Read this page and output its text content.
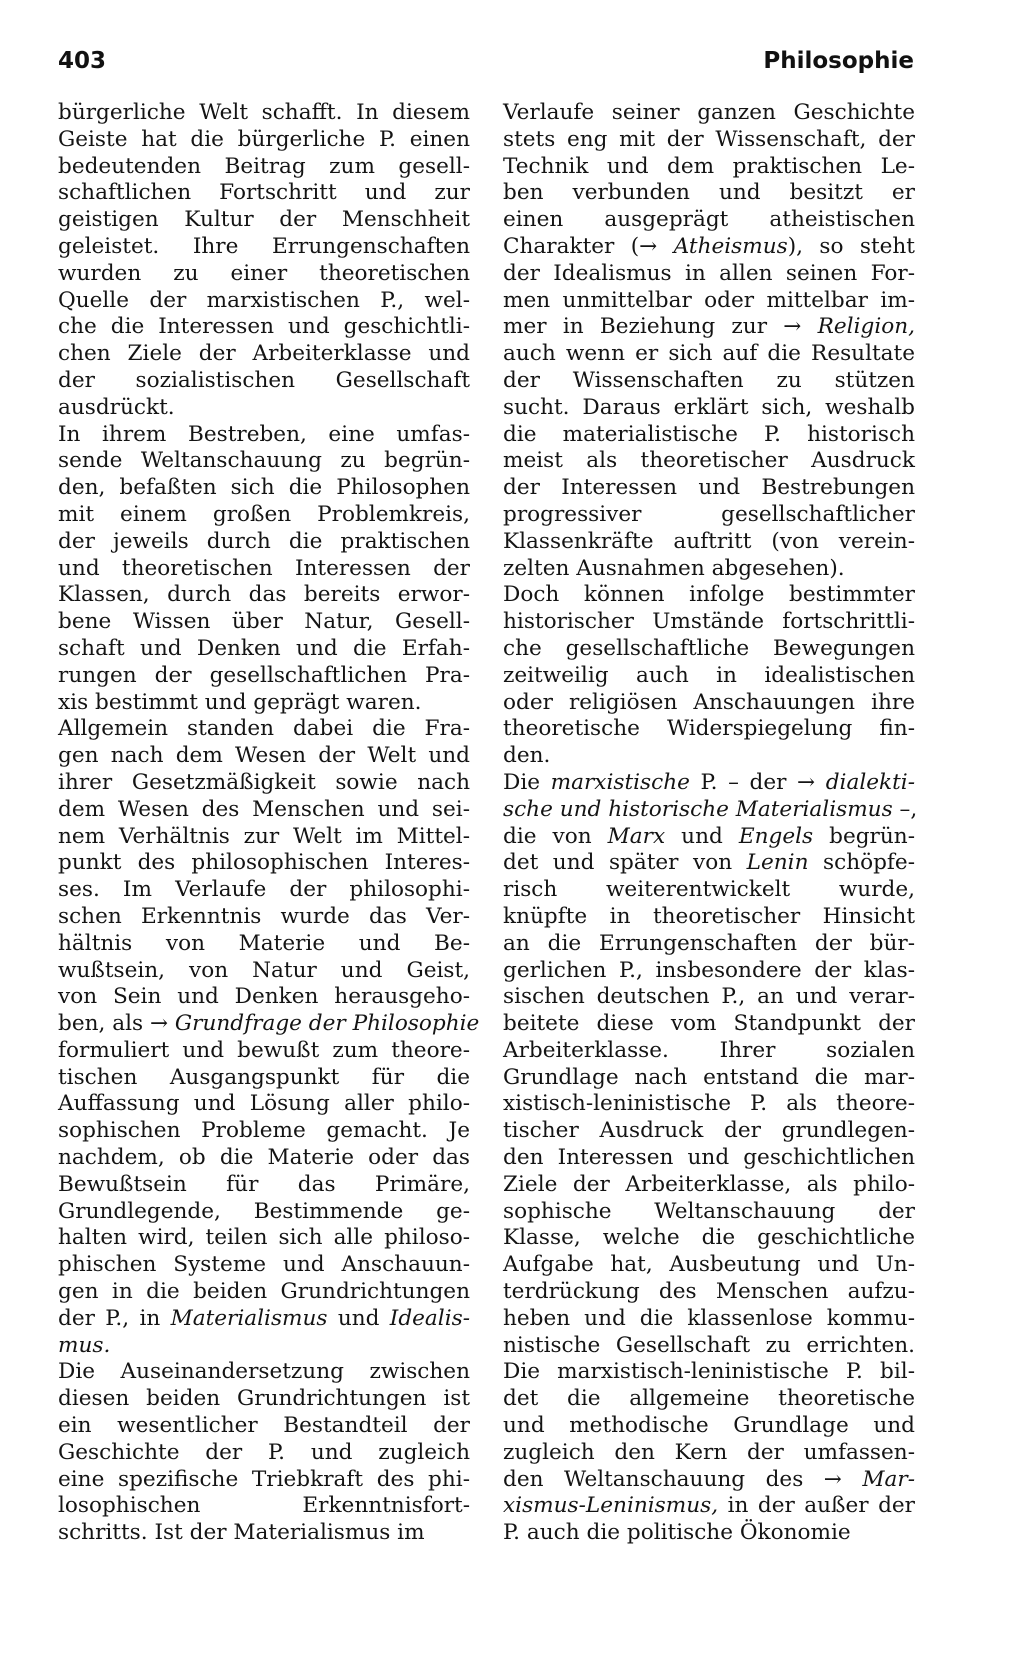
403	Philosophie
bürgerliche Welt schafft. In diesem
Geiste hat die bürgerliche P. einen
bedeutenden Beitrag zum gesell-
schaftlichen Fortschritt und zur
geistigen Kultur der Menschheit
geleistet. Ihre Errungenschaften
wurden zu einer theoretischen
Quelle der marxistischen P., wel-
che die Interessen und geschichtli-
chen Ziele der Arbeiterklasse und
der sozialistischen Gesellschaft
ausdrückt.
In ihrem Bestreben, eine umfas-
sende Weltanschauung zu begrün-
den, befaßten sich die Philosophen
mit einem großen Problemkreis,
der jeweils durch die praktischen
und theoretischen Interessen der
Klassen, durch das bereits erwor-
bene Wissen über Natur, Gesell-
schaft und Denken und die Erfah-
rungen der gesellschaftlichen Pra-
xis bestimmt und geprägt waren.
Allgemein standen dabei die Fra-
gen nach dem Wesen der Welt und
ihrer Gesetzmäßigkeit sowie nach
dem Wesen des Menschen und sei-
nem Verhältnis zur Welt im Mittel-
punkt des philosophischen Interes-
ses. Im Verlaufe der philosophi-
schen Erkenntnis wurde das Ver-
hältnis von Materie und Be-
wußtsein, von Natur und Geist,
von Sein und Denken herausgeho-
ben, als → Grundfrage der Philosophie
formuliert und bewußt zum theore-
tischen Ausgangspunkt für die
Auffassung und Lösung aller philo-
sophischen Probleme gemacht. Je
nachdem, ob die Materie oder das
Bewußtsein für das Primäre,
Grundlegende, Bestimmende ge-
halten wird, teilen sich alle philoso-
phischen Systeme und Anschauun-
gen in die beiden Grundrichtungen
der P., in Materialismus und Idealis-
mus.
Die Auseinandersetzung zwischen
diesen beiden Grundrichtungen ist
ein wesentlicher Bestandteil der
Geschichte der P. und zugleich
eine spezifische Triebkraft des phi-
losophischen Erkenntnisfort-
schritts. Ist der Materialismus im
Verlaufe seiner ganzen Geschichte
stets eng mit der Wissenschaft, der
Technik und dem praktischen Le-
ben verbunden und besitzt er
einen ausgeprägt atheistischen
Charakter (→ Atheismus), so steht
der Idealismus in allen seinen For-
men unmittelbar oder mittelbar im-
mer in Beziehung zur → Religion,
auch wenn er sich auf die Resultate
der Wissenschaften zu stützen
sucht. Daraus erklärt sich, weshalb
die materialistische P. historisch
meist als theoretischer Ausdruck
der Interessen und Bestrebungen
progressiver gesellschaftlicher
Klassenkräfte auftritt (von verein-
zelten Ausnahmen abgesehen).
Doch können infolge bestimmter
historischer Umstände fortschrittli-
che gesellschaftliche Bewegungen
zeitweilig auch in idealistischen
oder religiösen Anschauungen ihre
theoretische Widerspiegelung fin-
den.
Die marxistische P. – der → dialekti-
sche und historische Materialismus –,
die von Marx und Engels begrün-
det und später von Lenin schöpfe-
risch weiterentwickelt wurde,
knüpfte in theoretischer Hinsicht
an die Errungenschaften der bür-
gerlichen P., insbesondere der klas-
sischen deutschen P., an und verar-
beitete diese vom Standpunkt der
Arbeiterklasse. Ihrer sozialen
Grundlage nach entstand die mar-
xistisch-leninistische P. als theore-
tischer Ausdruck der grundlegen-
den Interessen und geschichtlichen
Ziele der Arbeiterklasse, als philo-
sophische Weltanschauung der
Klasse, welche die geschichtliche
Aufgabe hat, Ausbeutung und Un-
terdrückung des Menschen aufzu-
heben und die klassenlose kommu-
nistische Gesellschaft zu errichten.
Die marxistisch-leninistische P. bil-
det die allgemeine theoretische
und methodische Grundlage und
zugleich den Kern der umfassen-
den Weltanschauung des → Mar-
xismus-Leninismus, in der außer der
P. auch die politische Ökonomie
